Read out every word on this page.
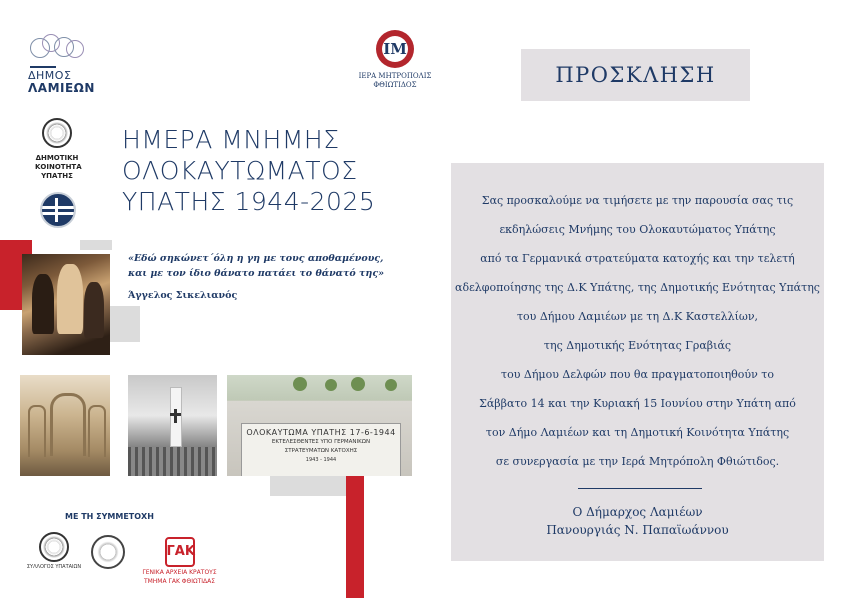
ΔΗΜΟΣ
ΛΑΜΙΕΩΝ
ΔΗΜΟΤΙΚΗ
ΚΟΙΝΟΤΗΤΑ
ΥΠΑΤΗΣ
ΙΜ
ΙΕΡΑ ΜΗΤΡΟΠΟΛΙΣ
ΦΘΙΩΤΙΔΟΣ
ΗΜΕΡΑ ΜΝΗΜΗΣ
ΟΛΟΚΑΥΤΩΜΑΤΟΣ
ΥΠΑΤΗΣ 1944-2025
«Εδώ σηκώνετ΄όλη η γη με τους αποθαμένους,
και με τον ίδιο θάνατο πατάει το θάνατό της»
Άγγελος Σικελιανός
ΟΛΟΚΑΥΤΩΜΑ ΥΠΑΤΗΣ 17-6-1944
ΕΚΤΕΛΕΣΘΕΝΤΕΣ ΥΠΟ ΓΕΡΜΑΝΙΚΩΝ
ΣΤΡΑΤΕΥΜΑΤΩΝ ΚΑΤΟΧΗΣ
1943 - 1944
ΜΕ ΤΗ ΣΥΜΜΕΤΟΧΗ
ΣΥΛΛΟΓΟΣ ΥΠΑΤΑΙΩΝ
ΓΑΚ
ΓΕΝΙΚΑ ΑΡΧΕΙΑ ΚΡΑΤΟΥΣ
ΤΜΗΜΑ ΓΑΚ ΦΘΙΩΤΙΔΑΣ
ΠΡΟΣΚΛΗΣΗ
Σας προσκαλούμε να τιμήσετε με την παρουσία σας τις
εκδηλώσεις Μνήμης του Ολοκαυτώματος Υπάτης
από τα Γερμανικά στρατεύματα κατοχής και την τελετή
αδελφοποίησης της Δ.Κ Υπάτης, της Δημοτικής Ενότητας Υπάτης
του Δήμου Λαμιέων με τη Δ.Κ Καστελλίων,
της Δημοτικής Ενότητας Γραβιάς
του Δήμου Δελφών που θα πραγματοποιηθούν το
Σάββατο 14 και την Κυριακή 15 Ιουνίου στην Υπάτη από
τον Δήμο Λαμιέων και τη Δημοτική Κοινότητα Υπάτης
σε συνεργασία με την Ιερά Μητρόπολη Φθιώτιδος.
Ο Δήμαρχος Λαμιέων
Πανουργιάς Ν. Παπαϊωάννου
